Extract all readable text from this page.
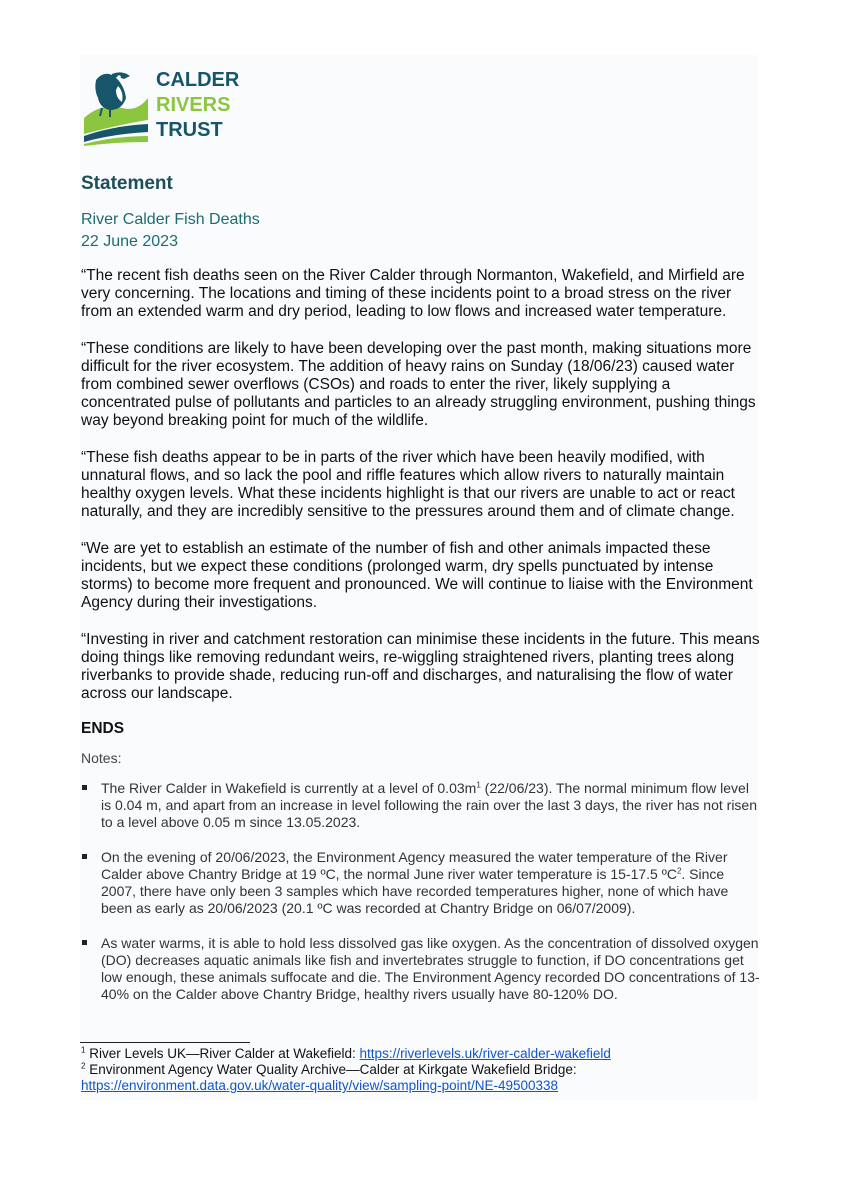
CALDER
RIVERS
TRUST
Statement
River Calder Fish Deaths
22 June 2023

“The recent fish deaths seen on the River Calder through Normanton, Wakefield, and Mirfield are very concerning. The locations and timing of these incidents point to a broad stress on the river from an extended warm and dry period, leading to low flows and increased water temperature.

“These conditions are likely to have been developing over the past month, making situations more difficult for the river ecosystem. The addition of heavy rains on Sunday (18/06/23) caused water from combined sewer overflows (CSOs) and roads to enter the river, likely supplying a concentrated pulse of pollutants and particles to an already struggling environment, pushing things way beyond breaking point for much of the wildlife.

“These fish deaths appear to be in parts of the river which have been heavily modified, with unnatural flows, and so lack the pool and riffle features which allow rivers to naturally maintain healthy oxygen levels. What these incidents highlight is that our rivers are unable to act or react naturally, and they are incredibly sensitive to the pressures around them and of climate change.

“We are yet to establish an estimate of the number of fish and other animals impacted these incidents, but we expect these conditions (prolonged warm, dry spells punctuated by intense storms) to become more frequent and pronounced. We will continue to liaise with the Environment Agency during their investigations.

“Investing in river and catchment restoration can minimise these incidents in the future. This means doing things like removing redundant weirs, re-wiggling straightened rivers, planting trees along riverbanks to provide shade, reducing run-off and discharges, and naturalising the flow of water across our landscape.

ENDS
Notes:
The River Calder in Wakefield is currently at a level of $0.03m^1$ (22/06/23). The normal minimum flow level is 0.04 m, and apart from an increase in level following the rain over the last 3 days, the river has not risen to a level above 0.05 m since 13.05.2023.
On the evening of 20/06/2023, the Environment Agency measured the water temperature of the River Calder above Chantry Bridge at 19 ºC, the normal June river water temperature is 15-17.5 ºC$^2$. Since 2007, there have only been 3 samples which have recorded temperatures higher, none of which have been as early as 20/06/2023 (20.1 ºC was recorded at Chantry Bridge on 06/07/2009).
As water warms, it is able to hold less dissolved gas like oxygen. As the concentration of dissolved oxygen (DO) decreases aquatic animals like fish and invertebrates struggle to function, if DO concentrations get low enough, these animals suffocate and die. The Environment Agency recorded DO concentrations of 13-40% on the Calder above Chantry Bridge, healthy rivers usually have 80-120% DO.
$^1$ River Levels UK—River Calder at Wakefield: https://riverlevels.uk/river-calder-wakefield
$^2$ Environment Agency Water Quality Archive—Calder at Kirkgate Wakefield Bridge:
https://environment.data.gov.uk/water-quality/view/sampling-point/NE-49500338
